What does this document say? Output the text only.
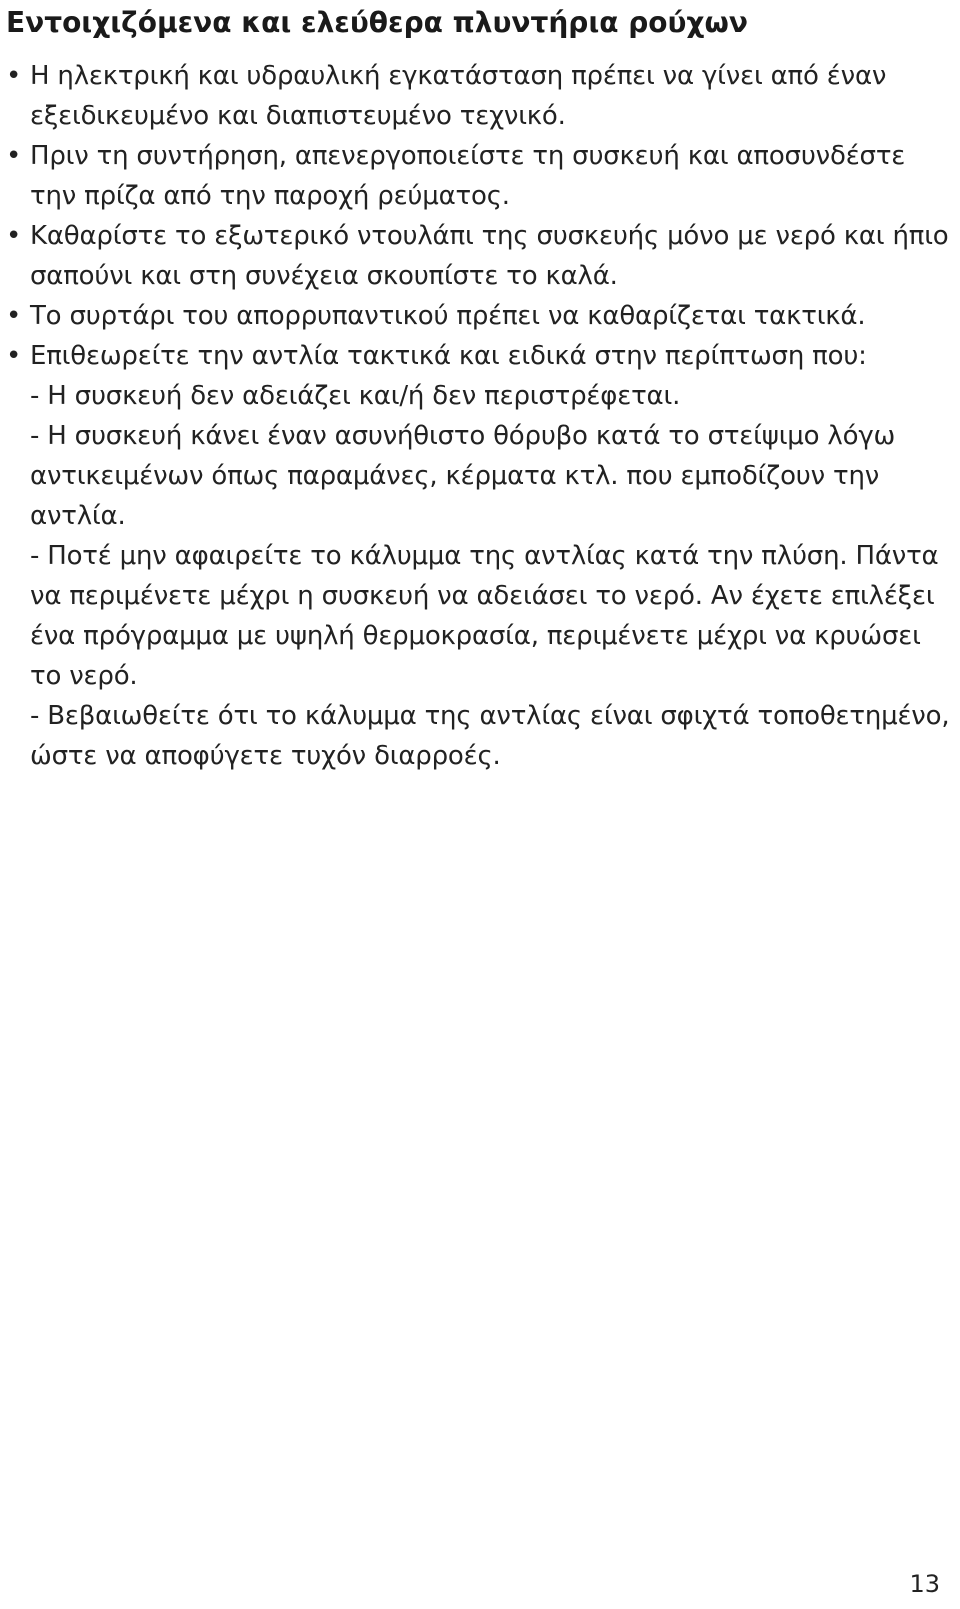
Εντοιχιζόμενα και ελεύθερα πλυντήρια ρούχων
• Η ηλεκτρική και υδραυλική εγκατάσταση πρέπει να γίνει από έναν εξειδικευμένο και διαπιστευμένο τεχνικό.
• Πριν τη συντήρηση, απενεργοποιείστε τη συσκευή και αποσυνδέστε την πρίζα από την παροχή ρεύματος.
• Καθαρίστε το εξωτερικό ντουλάπι της συσκευής μόνο με νερό και ήπιο σαπούνι και στη συνέχεια σκουπίστε το καλά.
• Το συρτάρι του απορρυπαντικού πρέπει να καθαρίζεται τακτικά.
• Επιθεωρείτε την αντλία τακτικά και ειδικά στην περίπτωση που:
- Η συσκευή δεν αδειάζει και/ή δεν περιστρέφεται.
- Η συσκευή κάνει έναν ασυνήθιστο θόρυβο κατά το στείψιμο λόγω αντικειμένων όπως παραμάνες, κέρματα κτλ. που εμποδίζουν την αντλία.
- Ποτέ μην αφαιρείτε το κάλυμμα της αντλίας κατά την πλύση. Πάντα να περιμένετε μέχρι η συσκευή να αδειάσει το νερό. Αν έχετε επιλέξει ένα πρόγραμμα με υψηλή θερμοκρασία, περιμένετε μέχρι να κρυώσει το νερό.
- Βεβαιωθείτε ότι το κάλυμμα της αντλίας είναι σφιχτά τοποθετημένο, ώστε να αποφύγετε τυχόν διαρροές.
13
